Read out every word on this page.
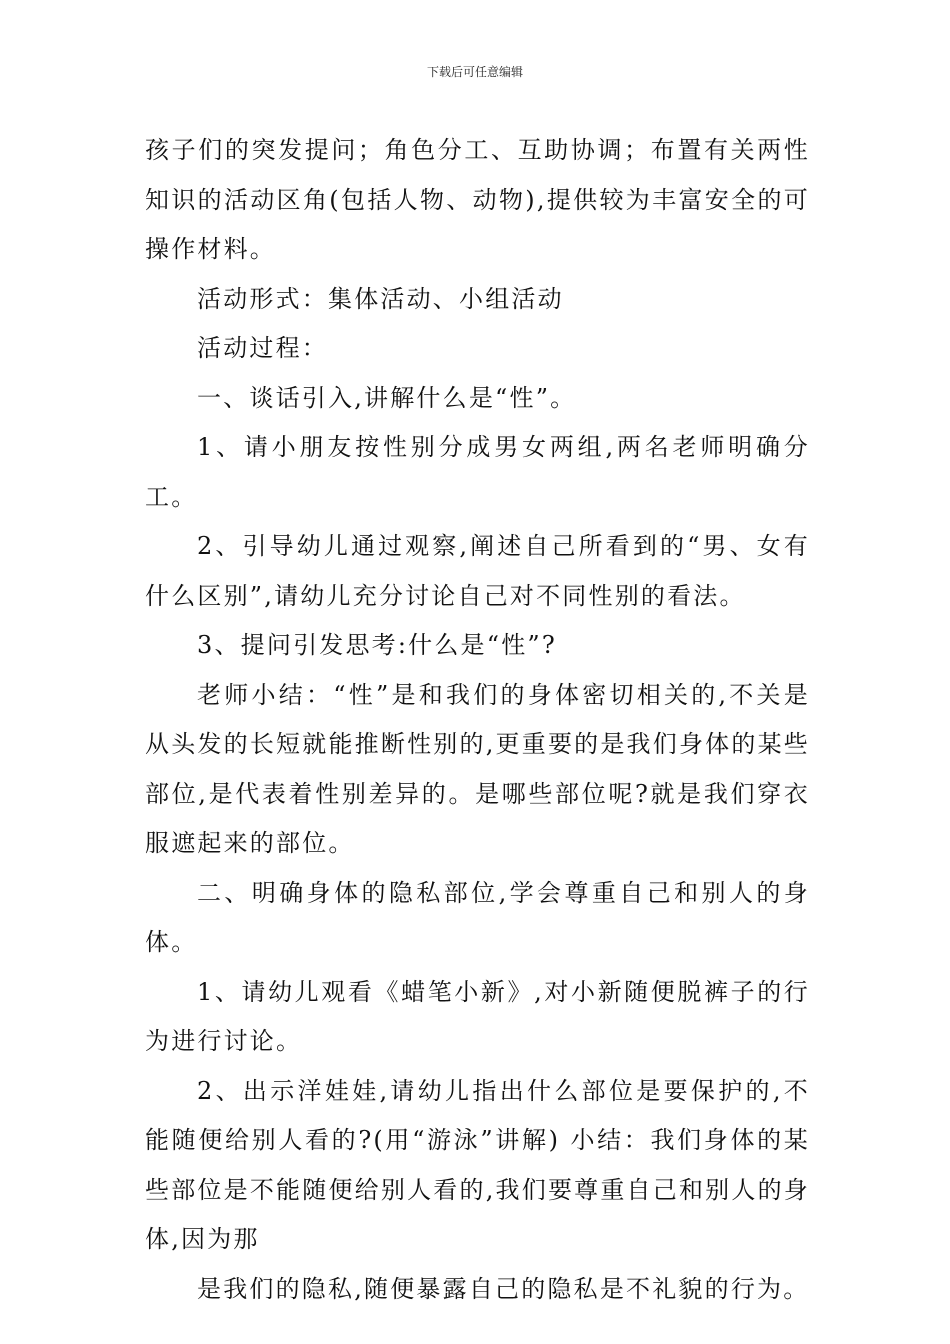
下载后可任意编辑

孩子们的突发提问；角色分工、互助协调；布置有关两性知识的活动区角(包括人物、动物),提供较为丰富安全的可操作材料。

活动形式：集体活动、小组活动

活动过程：

一、谈话引入,讲解什么是“性”。

1、请小朋友按性别分成男女两组,两名老师明确分工。

2、引导幼儿通过观察,阐述自己所看到的“男、女有什么区别”,请幼儿充分讨论自己对不同性别的看法。

3、提问引发思考:什么是“性”?

老师小结：“性”是和我们的身体密切相关的,不关是从头发的长短就能推断性别的,更重要的是我们身体的某些部位,是代表着性别差异的。是哪些部位呢?就是我们穿衣服遮起来的部位。

二、明确身体的隐私部位,学会尊重自己和别人的身体。

1、请幼儿观看《蜡笔小新》,对小新随便脱裤子的行为进行讨论。

2、出示洋娃娃,请幼儿指出什么部位是要保护的,不能随便给别人看的?(用“游泳”讲解) 小结：我们身体的某些部位是不能随便给别人看的,我们要尊重自己和别人的身体,因为那

是我们的隐私,随便暴露自己的隐私是不礼貌的行为。
